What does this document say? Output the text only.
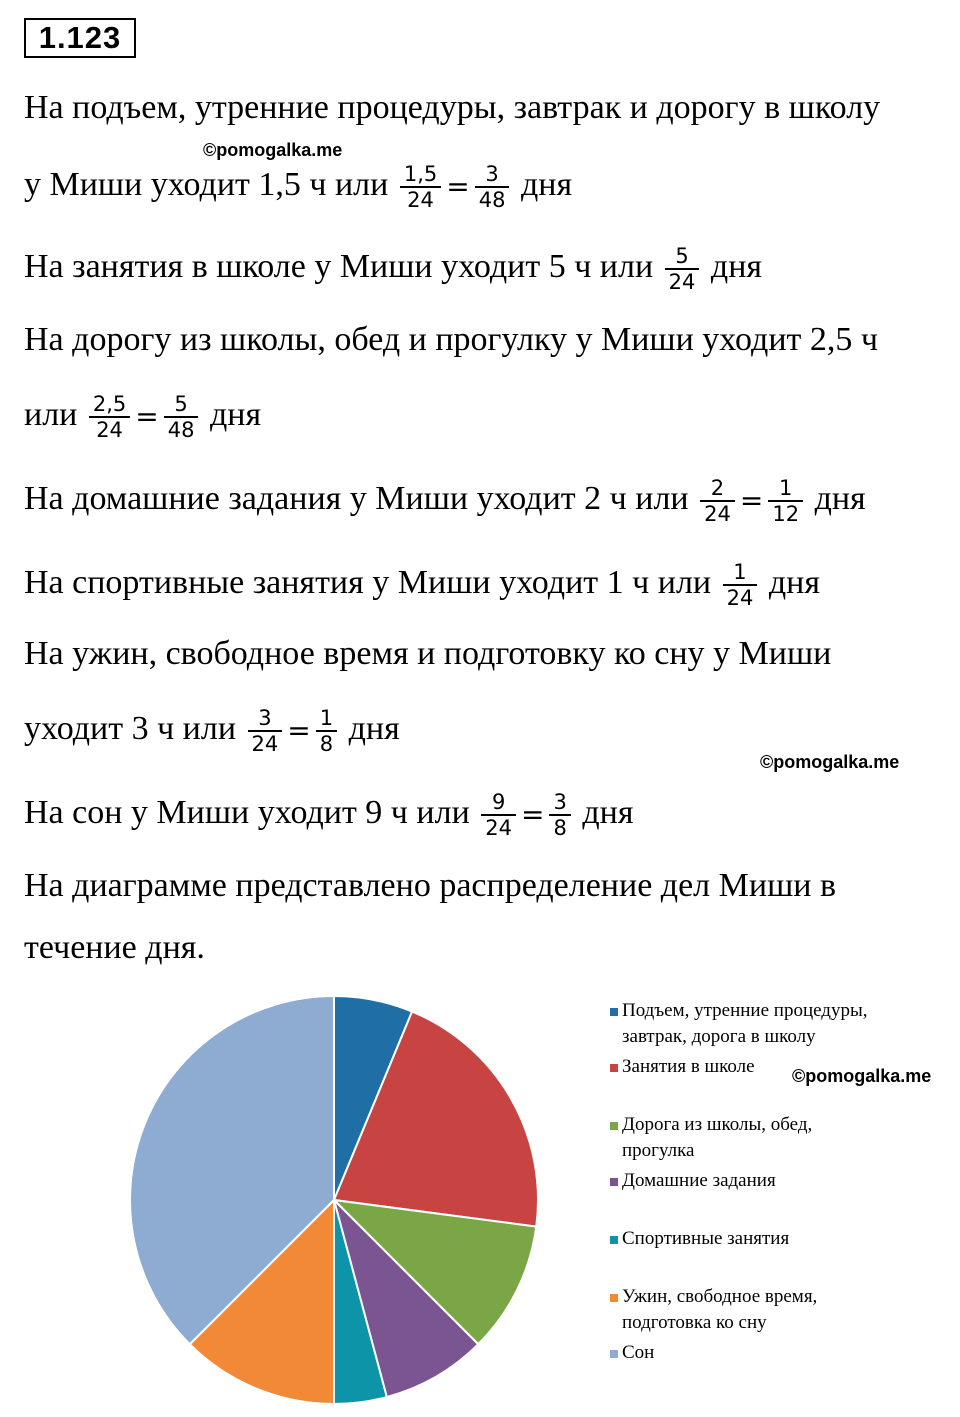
1.123
На подъем, утренние процедуры, завтрак и дорогу в школу
у Миши уходит 1,5 ч или $\frac{1,5}{24} = \frac{3}{48}$ дня
На занятия в школе у Миши уходит 5 ч или $\frac{5}{24}$ дня
На дорогу из школы, обед и прогулку у Миши уходит 2,5 ч
или $\frac{2,5}{24} = \frac{5}{48}$ дня
На домашние задания у Миши уходит 2 ч или $\frac{2}{24} = \frac{1}{12}$ дня
На спортивные занятия у Миши уходит 1 ч или $\frac{1}{24}$ дня
На ужин, свободное время и подготовку ко сну у Миши
уходит 3 ч или $\frac{3}{24} = \frac{1}{8}$ дня
На сон у Миши уходит 9 ч или $\frac{9}{24} = \frac{3}{8}$ дня
На диаграмме представлено распределение дел Миши в
течение дня.
©pomogalka.me
©pomogalka.me
©pomogalka.me
Подъем, утренние процедуры,
завтрак, дорога в школу
Занятия в школе
Дорога из школы, обед,
прогулка
Домашние задания
Спортивные занятия
Ужин, свободное время,
подготовка ко сну
Сон
